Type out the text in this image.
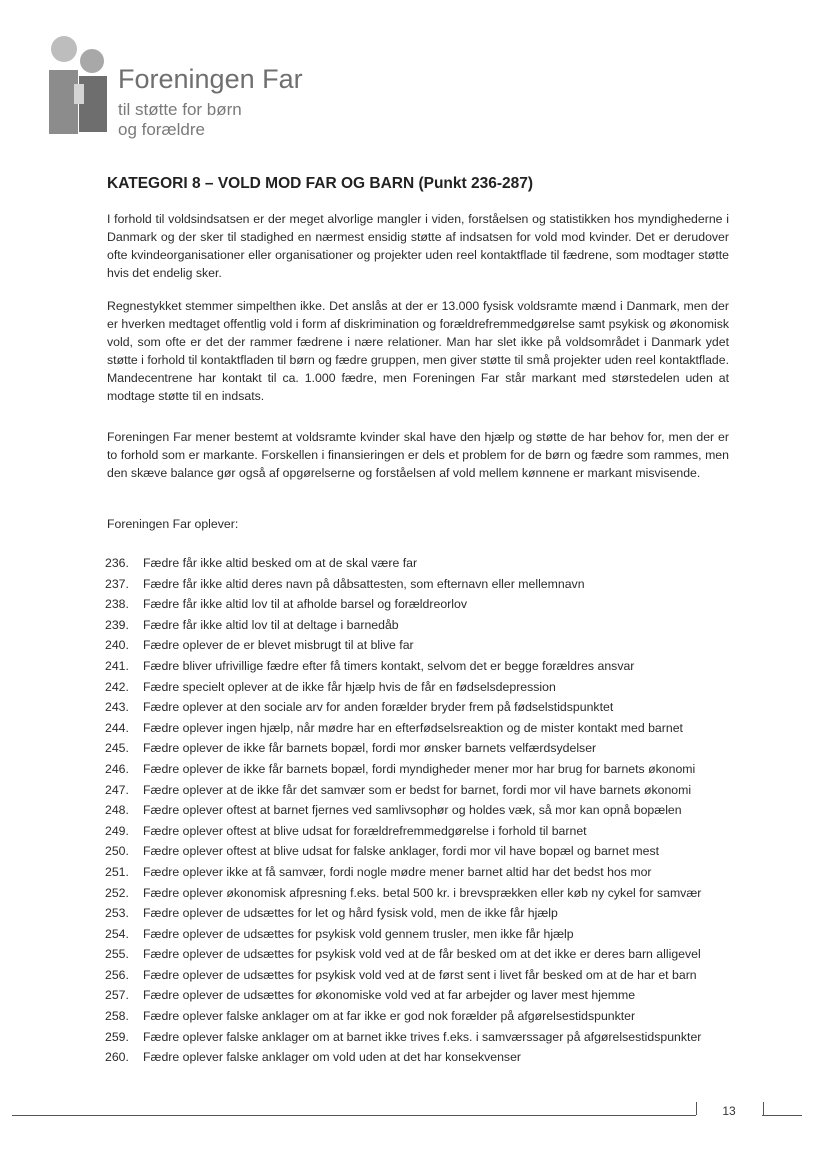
Foreningen Far
til støtte for børn
og forældre
KATEGORI 8 – VOLD MOD FAR OG BARN (Punkt 236-287)

I forhold til voldsindsatsen er der meget alvorlige mangler i viden, forståelsen og statistikken hos myndighederne i Danmark og der sker til stadighed en nærmest ensidig støtte af indsatsen for vold mod kvinder. Det er derudover ofte kvindeorganisationer eller organisationer og projekter uden reel kontaktflade til fædrene, som modtager støtte hvis det endelig sker.

Regnestykket stemmer simpelthen ikke. Det anslås at der er 13.000 fysisk voldsramte mænd i Danmark, men der er hverken medtaget offentlig vold i form af diskrimination og forældrefremmedgørelse samt psykisk og økonomisk vold, som ofte er det der rammer fædrene i nære relationer. Man har slet ikke på voldsområdet i Danmark ydet støtte i forhold til kontaktfladen til børn og fædre gruppen, men giver støtte til små projekter uden reel kontaktflade. Mandecentrene har kontakt til ca. 1.000 fædre, men Foreningen Far står markant med størstedelen uden at modtage støtte til en indsats.

Foreningen Far mener bestemt at voldsramte kvinder skal have den hjælp og støtte de har behov for, men der er to forhold som er markante. Forskellen i finansieringen er dels et problem for de børn og fædre som rammes, men den skæve balance gør også af opgørelserne og forståelsen af vold mellem kønnene er markant misvisende.

Foreningen Far oplever:

236.	Fædre får ikke altid besked om at de skal være far
237.	Fædre får ikke altid deres navn på dåbsattesten, som efternavn eller mellemnavn
238.	Fædre får ikke altid lov til at afholde barsel og forældreorlov
239.	Fædre får ikke altid lov til at deltage i barnedåb
240.	Fædre oplever de er blevet misbrugt til at blive far
241.	Fædre bliver ufrivillige fædre efter få timers kontakt, selvom det er begge forældres ansvar
242.	Fædre specielt oplever at de ikke får hjælp hvis de får en fødselsdepression
243.	Fædre oplever at den sociale arv for anden forælder bryder frem på fødselstidspunktet
244.	Fædre oplever ingen hjælp, når mødre har en efterfødselsreaktion og de mister kontakt med barnet
245.	Fædre oplever de ikke får barnets bopæl, fordi mor ønsker barnets velfærdsydelser
246.	Fædre oplever de ikke får barnets bopæl, fordi myndigheder mener mor har brug for barnets økonomi
247.	Fædre oplever at de ikke får det samvær som er bedst for barnet, fordi mor vil have barnets økonomi
248.	Fædre oplever oftest at barnet fjernes ved samlivsophør og holdes væk, så mor kan opnå bopælen
249.	Fædre oplever oftest at blive udsat for forældrefremmedgørelse i forhold til barnet
250.	Fædre oplever oftest at blive udsat for falske anklager, fordi mor vil have bopæl og barnet mest
251.	Fædre oplever ikke at få samvær, fordi nogle mødre mener barnet altid har det bedst hos mor
252.	Fædre oplever økonomisk afpresning f.eks. betal 500 kr. i brevsprækken eller køb ny cykel for samvær
253.	Fædre oplever de udsættes for let og hård fysisk vold, men de ikke får hjælp
254.	Fædre oplever de udsættes for psykisk vold gennem trusler, men ikke får hjælp
255.	Fædre oplever de udsættes for psykisk vold ved at de får besked om at det ikke er deres barn alligevel
256.	Fædre oplever de udsættes for psykisk vold ved at de først sent i livet får besked om at de har et barn
257.	Fædre oplever de udsættes for økonomiske vold ved at far arbejder og laver mest hjemme
258.	Fædre oplever falske anklager om at far ikke er god nok forælder på afgørelsestidspunkter
259.	Fædre oplever falske anklager om at barnet ikke trives f.eks. i samværssager på afgørelsestidspunkter
260.	Fædre oplever falske anklager om vold uden at det har konsekvenser
13
